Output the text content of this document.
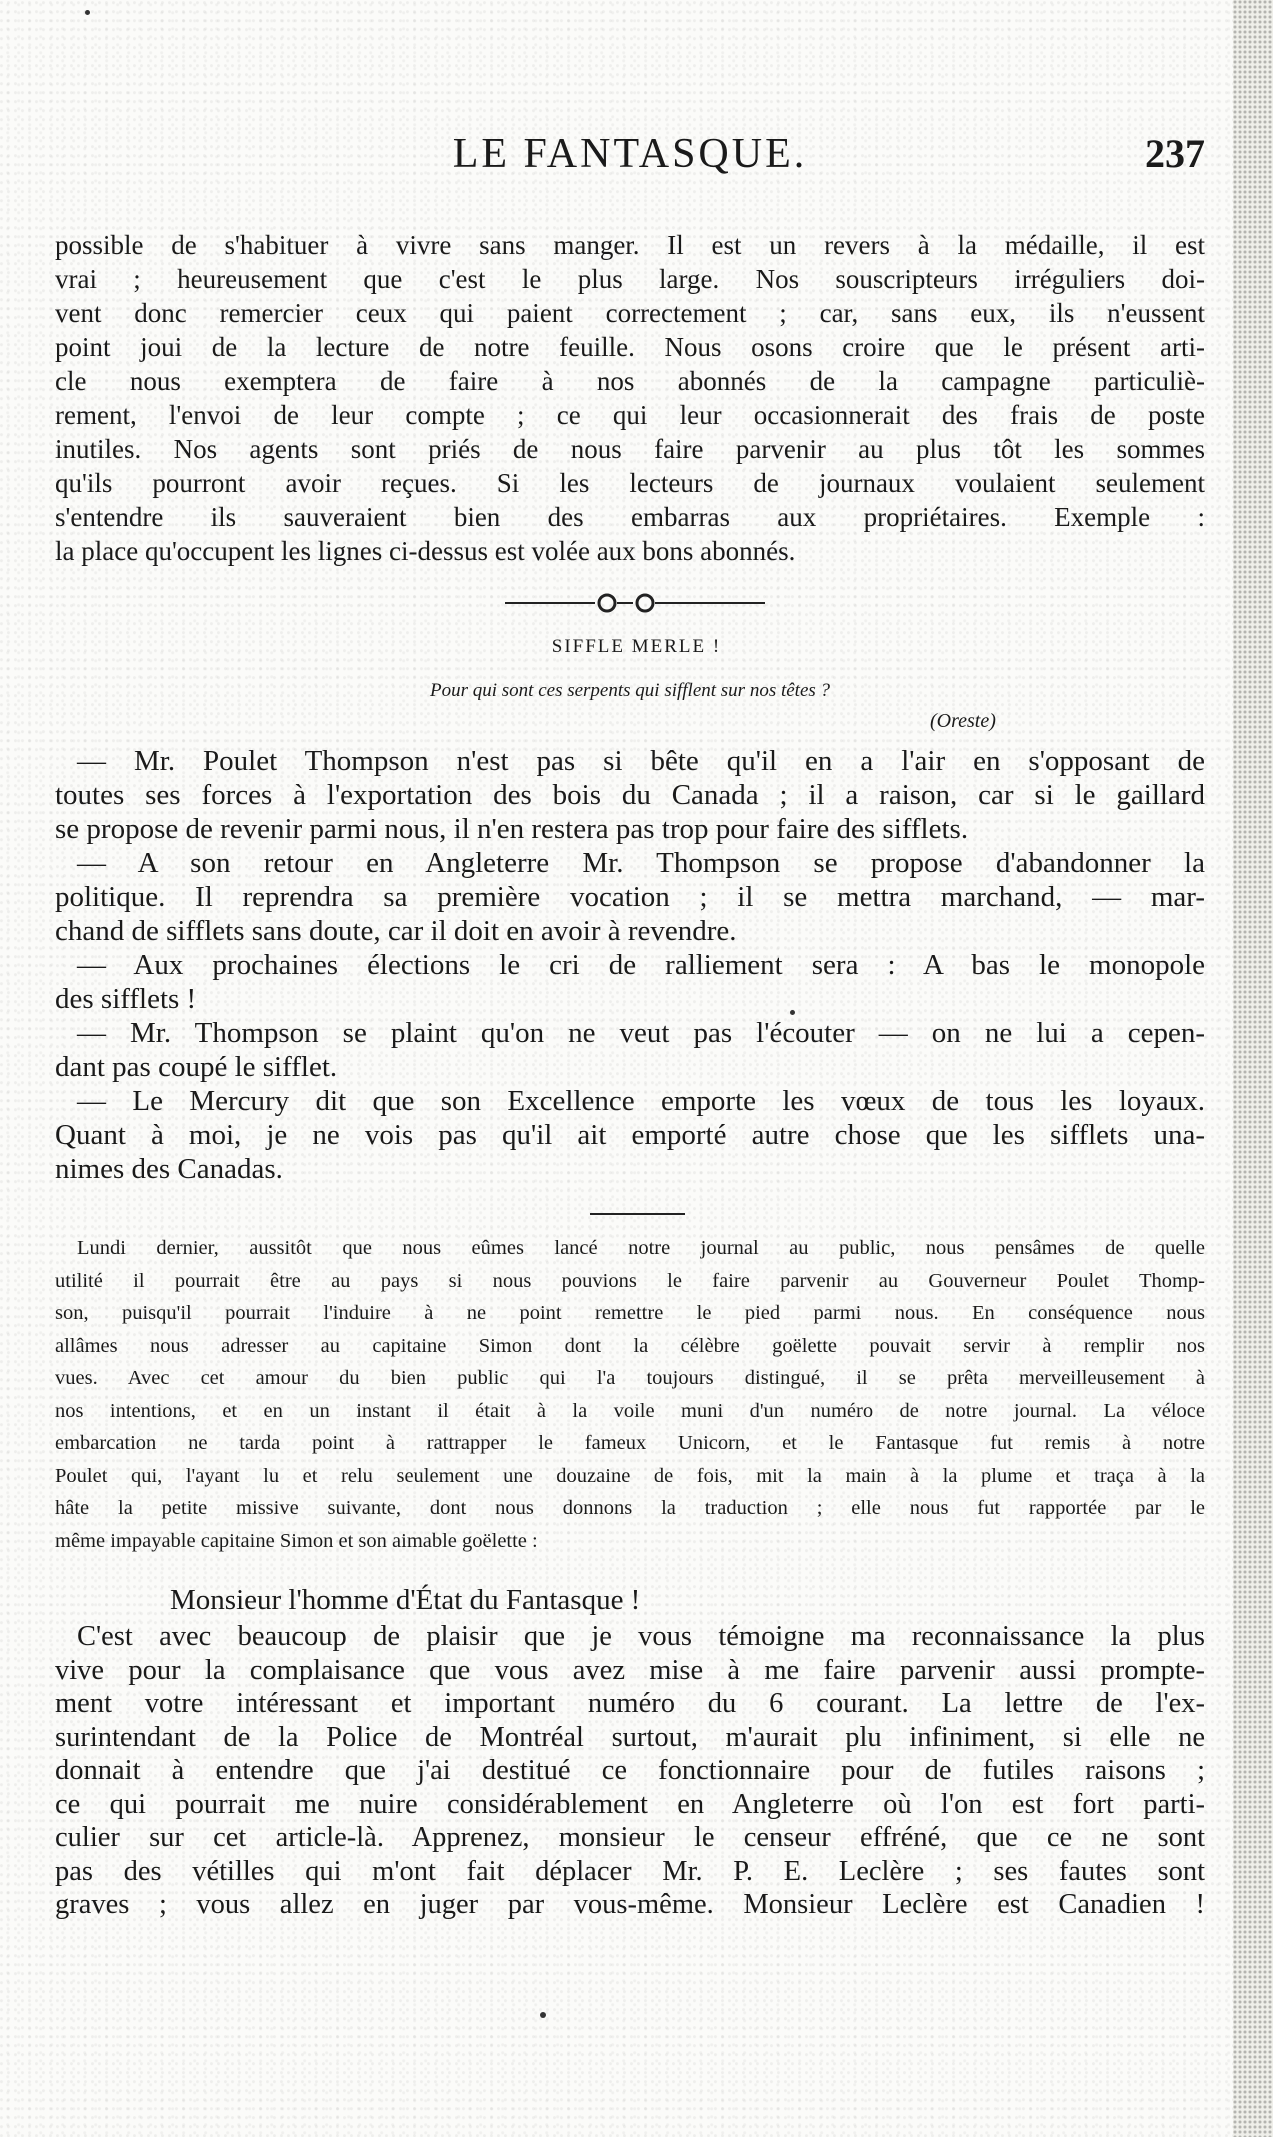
LE FANTASQUE.	237
possible de s'habituer à vivre sans manger. Il est un revers à la médaille, il est
vrai ; heureusement que c'est le plus large. Nos souscripteurs irréguliers doi-
vent donc remercier ceux qui paient correctement ; car, sans eux, ils n'eussent
point joui de la lecture de notre feuille. Nous osons croire que le présent arti-
cle nous exemptera de faire à nos abonnés de la campagne particuliè-
rement, l'envoi de leur compte ; ce qui leur occasionnerait des frais de poste
inutiles. Nos agents sont priés de nous faire parvenir au plus tôt les sommes
qu'ils pourront avoir reçues. Si les lecteurs de journaux voulaient seulement
s'entendre ils sauveraient bien des embarras aux propriétaires. Exemple :
la place qu'occupent les lignes ci-dessus est volée aux bons abonnés.
SIFFLE MERLE !
Pour qui sont ces serpents qui sifflent sur nos têtes ?
(Oreste)
— Mr. Poulet Thompson n'est pas si bête qu'il en a l'air en s'opposant de
toutes ses forces à l'exportation des bois du Canada ; il a raison, car si le gaillard
se propose de revenir parmi nous, il n'en restera pas trop pour faire des sifflets.
— A son retour en Angleterre Mr. Thompson se propose d'abandonner la
politique. Il reprendra sa première vocation ; il se mettra marchand, — mar-
chand de sifflets sans doute, car il doit en avoir à revendre.
— Aux prochaines élections le cri de ralliement sera : A bas le monopole
des sifflets !
— Mr. Thompson se plaint qu'on ne veut pas l'écouter — on ne lui a cepen-
dant pas coupé le sifflet.
— Le Mercury dit que son Excellence emporte les vœux de tous les loyaux.
Quant à moi, je ne vois pas qu'il ait emporté autre chose que les sifflets una-
nimes des Canadas.
Lundi dernier, aussitôt que nous eûmes lancé notre journal au public, nous pensâmes de quelle
utilité il pourrait être au pays si nous pouvions le faire parvenir au Gouverneur Poulet Thomp-
son, puisqu'il pourrait l'induire à ne point remettre le pied parmi nous. En conséquence nous
allâmes nous adresser au capitaine Simon dont la célèbre goëlette pouvait servir à remplir nos
vues. Avec cet amour du bien public qui l'a toujours distingué, il se prêta merveilleusement à
nos intentions, et en un instant il était à la voile muni d'un numéro de notre journal. La véloce
embarcation ne tarda point à rattrapper le fameux Unicorn, et le Fantasque fut remis à notre
Poulet qui, l'ayant lu et relu seulement une douzaine de fois, mit la main à la plume et traça à la
hâte la petite missive suivante, dont nous donnons la traduction ; elle nous fut rapportée par le
même impayable capitaine Simon et son aimable goëlette :
Monsieur l'homme d'État du Fantasque !
C'est avec beaucoup de plaisir que je vous témoigne ma reconnaissance la plus
vive pour la complaisance que vous avez mise à me faire parvenir aussi prompte-
ment votre intéressant et important numéro du 6 courant. La lettre de l'ex-
surintendant de la Police de Montréal surtout, m'aurait plu infiniment, si elle ne
donnait à entendre que j'ai destitué ce fonctionnaire pour de futiles raisons ;
ce qui pourrait me nuire considérablement en Angleterre où l'on est fort parti-
culier sur cet article-là. Apprenez, monsieur le censeur effréné, que ce ne sont
pas des vétilles qui m'ont fait déplacer Mr. P. E. Leclère ; ses fautes sont
graves ; vous allez en juger par vous-même. Monsieur Leclère est Canadien !
